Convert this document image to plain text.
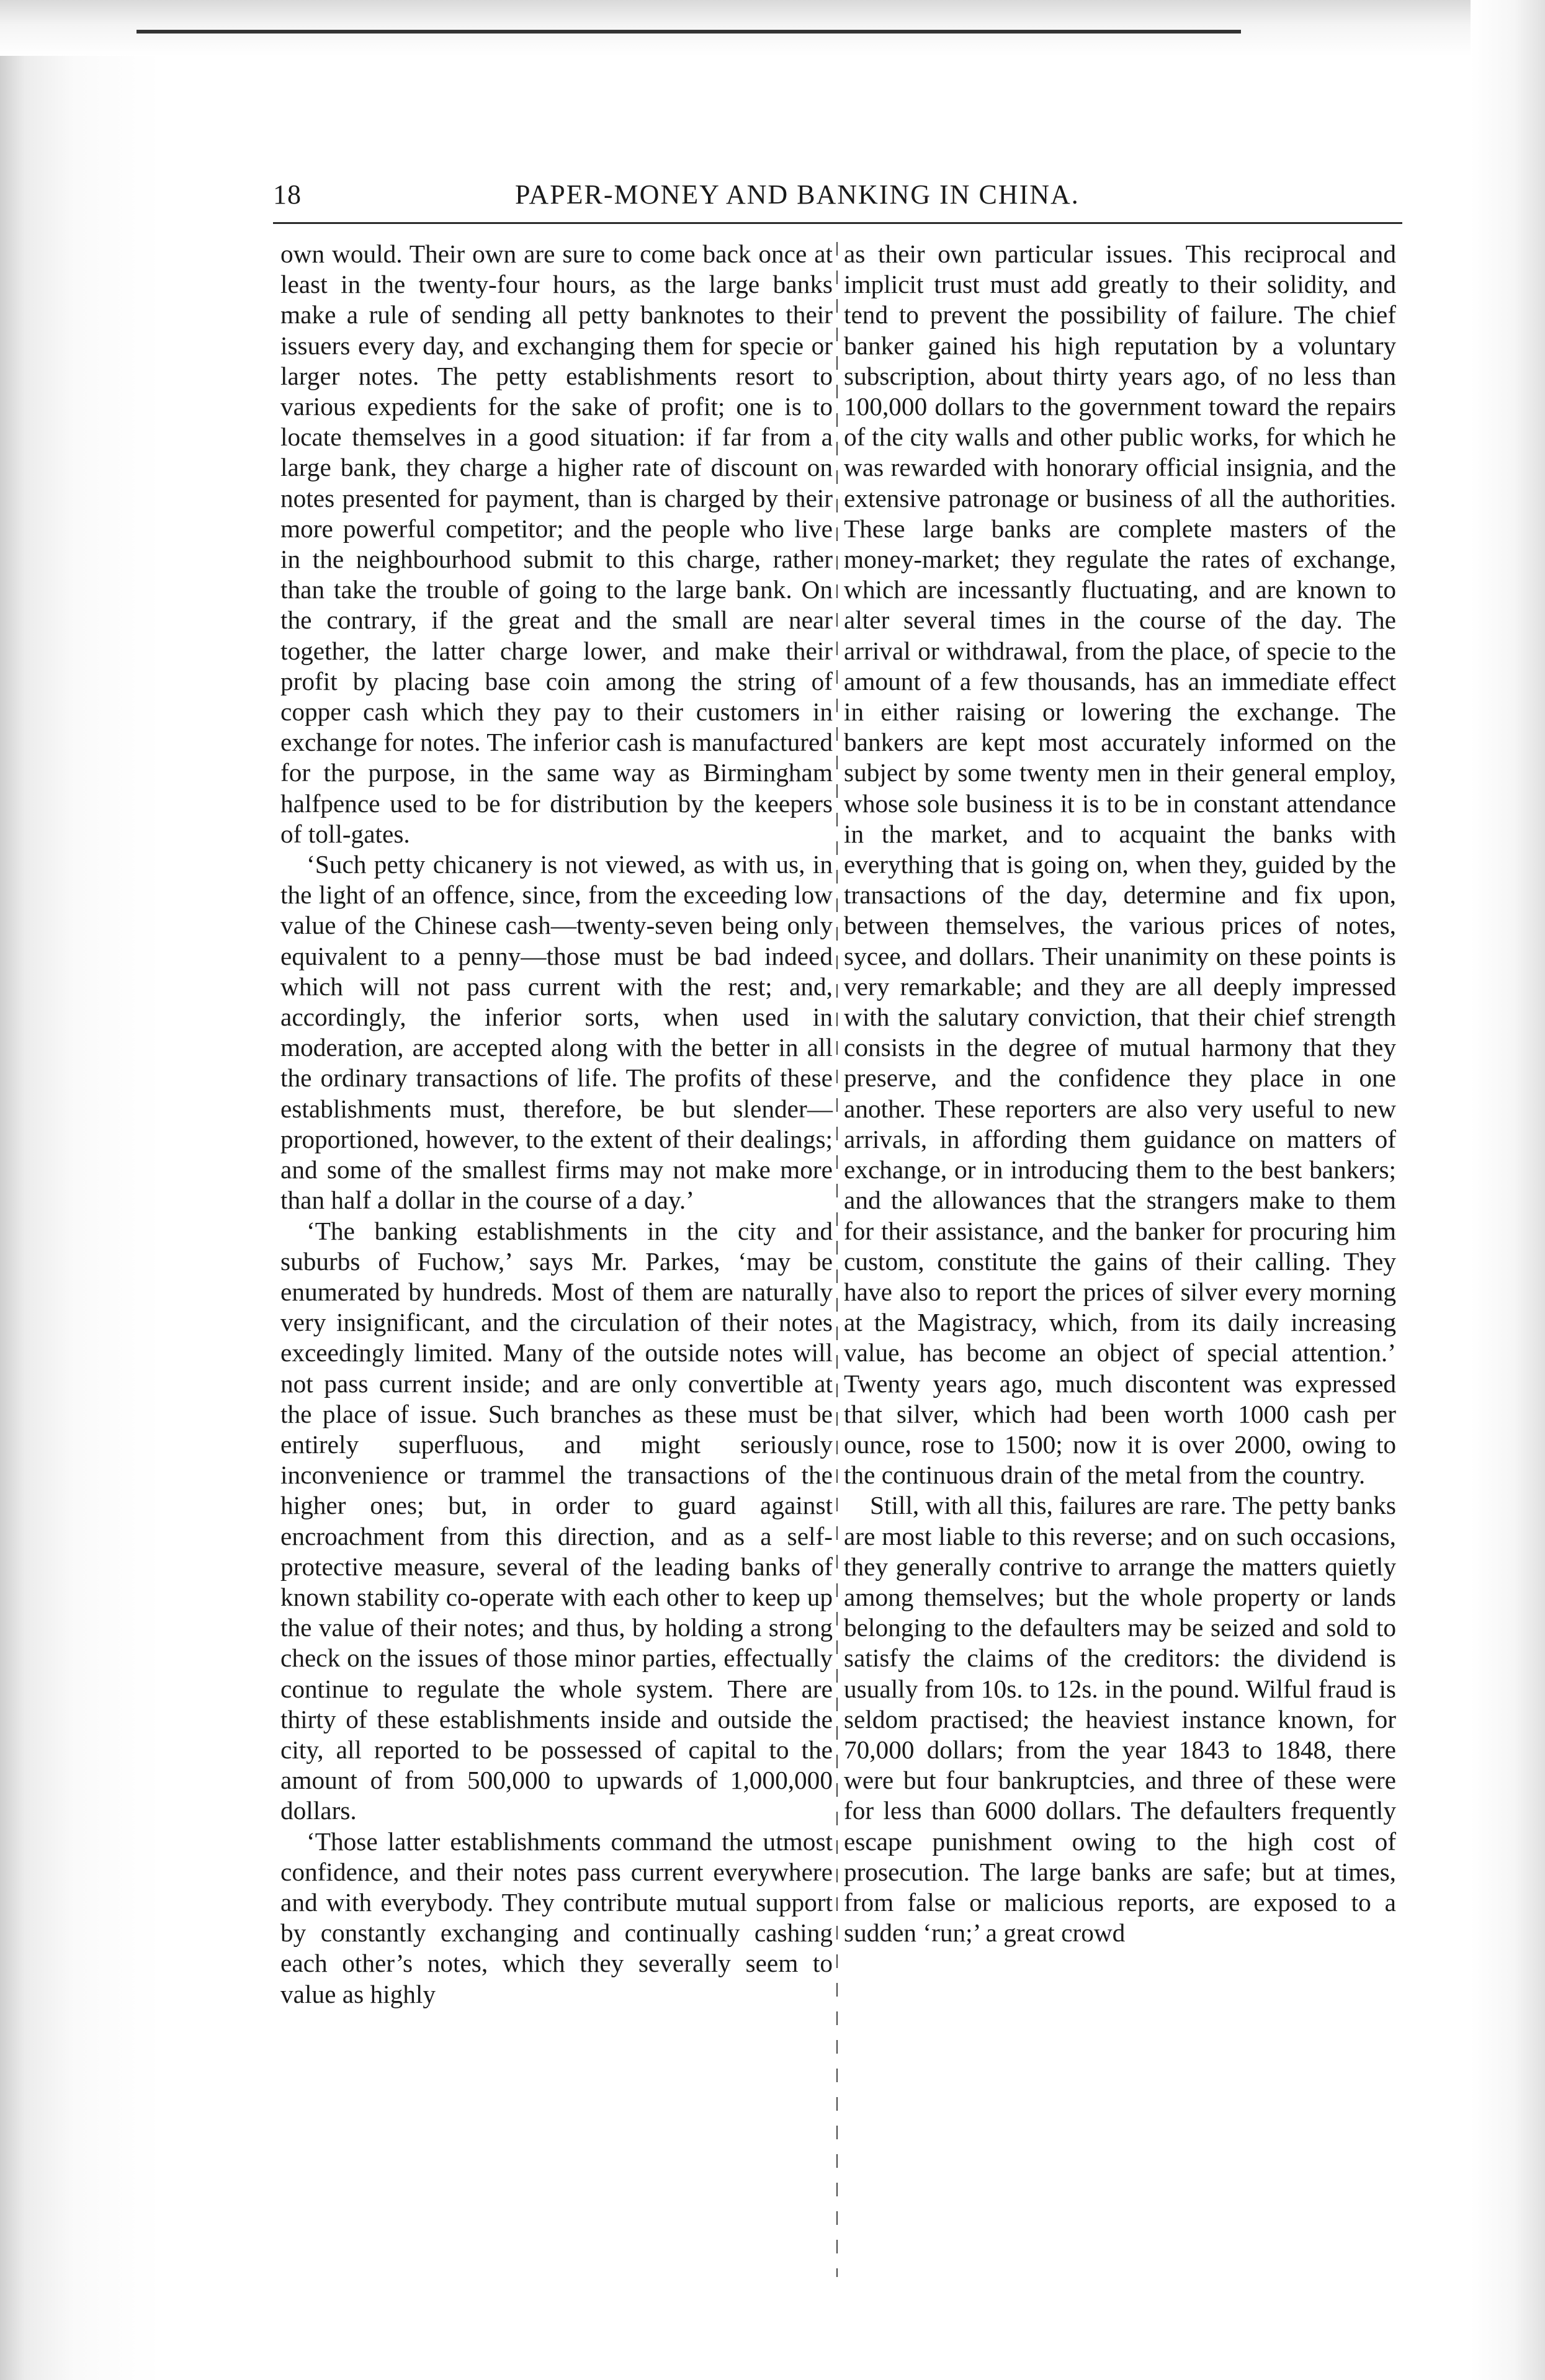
18	PAPER-MONEY AND BANKING IN CHINA.

own would. Their own are sure to come back once at least in the twenty-four hours, as the large banks make a rule of sending all petty banknotes to their issuers every day, and exchanging them for specie or larger notes. The petty establishments resort to various expedients for the sake of profit; one is to locate themselves in a good situation: if far from a large bank, they charge a higher rate of discount on notes presented for payment, than is charged by their more powerful competitor; and the people who live in the neighbourhood submit to this charge, rather than take the trouble of going to the large bank. On the contrary, if the great and the small are near together, the latter charge lower, and make their profit by placing base coin among the string of copper cash which they pay to their customers in exchange for notes. The inferior cash is manufactured for the purpose, in the same way as Birmingham halfpence used to be for distribution by the keepers of toll-gates.

‘Such petty chicanery is not viewed, as with us, in the light of an offence, since, from the exceeding low value of the Chinese cash—twenty-seven being only equivalent to a penny—those must be bad indeed which will not pass current with the rest; and, accordingly, the inferior sorts, when used in moderation, are accepted along with the better in all the ordinary transactions of life. The profits of these establishments must, therefore, be but slender—proportioned, however, to the extent of their dealings; and some of the smallest firms may not make more than half a dollar in the course of a day.’

‘The banking establishments in the city and suburbs of Fuchow,’ says Mr. Parkes, ‘may be enumerated by hundreds. Most of them are naturally very insignificant, and the circulation of their notes exceedingly limited. Many of the outside notes will not pass current inside; and are only convertible at the place of issue. Such branches as these must be entirely superfluous, and might seriously inconvenience or trammel the transactions of the higher ones; but, in order to guard against encroachment from this direction, and as a self-protective measure, several of the leading banks of known stability co-operate with each other to keep up the value of their notes; and thus, by holding a strong check on the issues of those minor parties, effectually continue to regulate the whole system. There are thirty of these establishments inside and outside the city, all reported to be possessed of capital to the amount of from 500,000 to upwards of 1,000,000 dollars.

‘Those latter establishments command the utmost confidence, and their notes pass current everywhere and with everybody. They contribute mutual support by constantly exchanging and continually cashing each other’s notes, which they severally seem to value as highly

as their own particular issues. This reciprocal and implicit trust must add greatly to their solidity, and tend to prevent the possibility of failure. The chief banker gained his high reputation by a voluntary subscription, about thirty years ago, of no less than 100,000 dollars to the government toward the repairs of the city walls and other public works, for which he was rewarded with honorary official insignia, and the extensive patronage or business of all the authorities. These large banks are complete masters of the money-market; they regulate the rates of exchange, which are incessantly fluctuating, and are known to alter several times in the course of the day. The arrival or withdrawal, from the place, of specie to the amount of a few thousands, has an immediate effect in either raising or lowering the exchange. The bankers are kept most accurately informed on the subject by some twenty men in their general employ, whose sole business it is to be in constant attendance in the market, and to acquaint the banks with everything that is going on, when they, guided by the transactions of the day, determine and fix upon, between themselves, the various prices of notes, sycee, and dollars. Their unanimity on these points is very remarkable; and they are all deeply impressed with the salutary conviction, that their chief strength consists in the degree of mutual harmony that they preserve, and the confidence they place in one another. These reporters are also very useful to new arrivals, in affording them guidance on matters of exchange, or in introducing them to the best bankers; and the allowances that the strangers make to them for their assistance, and the banker for procuring him custom, constitute the gains of their calling. They have also to report the prices of silver every morning at the Magistracy, which, from its daily increasing value, has become an object of special attention.’ Twenty years ago, much discontent was expressed that silver, which had been worth 1000 cash per ounce, rose to 1500; now it is over 2000, owing to the continuous drain of the metal from the country.

Still, with all this, failures are rare. The petty banks are most liable to this reverse; and on such occasions, they generally contrive to arrange the matters quietly among themselves; but the whole property or lands belonging to the defaulters may be seized and sold to satisfy the claims of the creditors: the dividend is usually from 10s. to 12s. in the pound. Wilful fraud is seldom practised; the heaviest instance known, for 70,000 dollars; from the year 1843 to 1848, there were but four bankruptcies, and three of these were for less than 6000 dollars. The defaulters frequently escape punishment owing to the high cost of prosecution. The large banks are safe; but at times, from false or malicious reports, are exposed to a sudden ‘run;’ a great crowd
